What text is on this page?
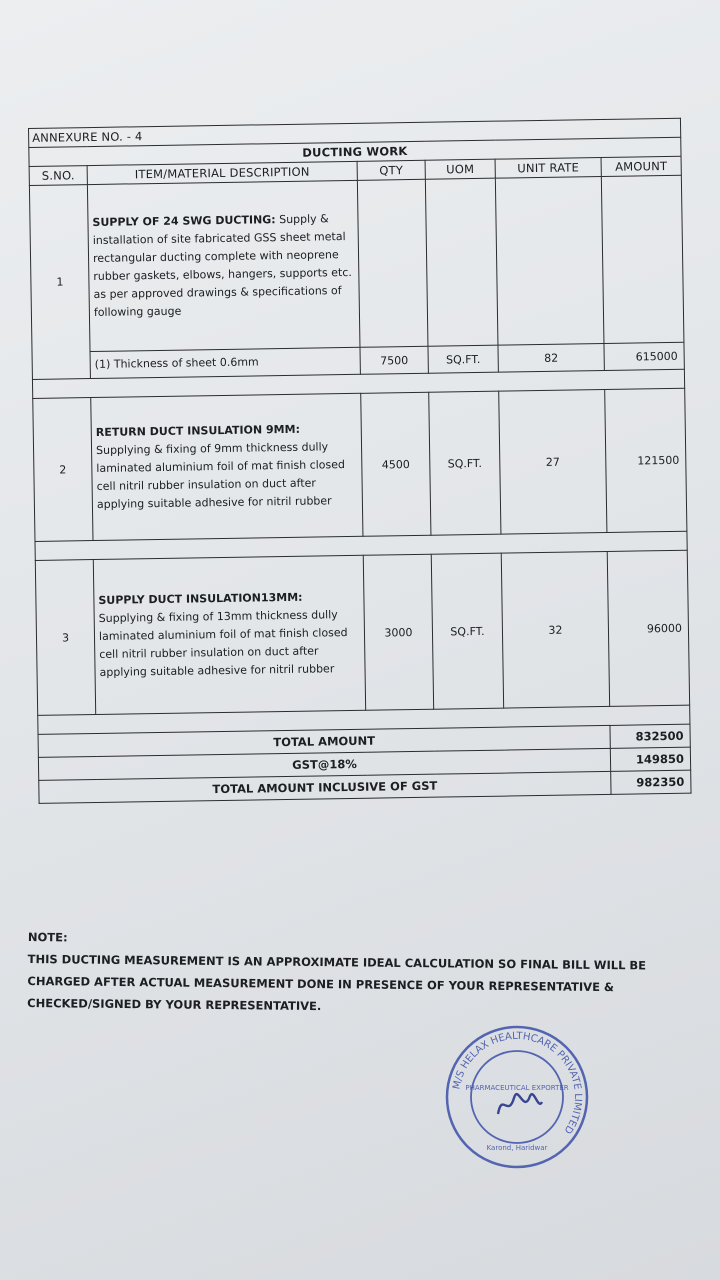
ANNEXURE NO. - 4					
DUCTING WORK					
S.NO.	ITEM/MATERIAL DESCRIPTION	QTY	UOM	UNIT RATE	AMOUNT
1	SUPPLY OF 24 SWG DUCTING: Supply & installation of site fabricated GSS sheet metal rectangular ducting complete with neoprene rubber gaskets, elbows, hangers, supports etc. as per approved drawings & specifications of following gauge				
	(1) Thickness of sheet 0.6mm	7500	SQ.FT.	82	615000

2	RETURN DUCT INSULATION 9MM: Supplying & fixing of 9mm thickness dully laminated aluminium foil of mat finish closed cell nitril rubber insulation on duct after applying suitable adhesive for nitril rubber	4500	SQ.FT.	27	121500

3	SUPPLY DUCT INSULATION13MM: Supplying & fixing of 13mm thickness dully laminated aluminium foil of mat finish closed cell nitril rubber insulation on duct after applying suitable adhesive for nitril rubber	3000	SQ.FT.	32	96000

TOTAL AMOUNT					832500
GST@18%					149850
TOTAL AMOUNT INCLUSIVE OF GST					982350
NOTE:
THIS DUCTING MEASUREMENT IS AN APPROXIMATE IDEAL CALCULATION SO FINAL BILL WILL BE CHARGED AFTER ACTUAL MEASUREMENT DONE IN PRESENCE OF YOUR REPRESENTATIVE & CHECKED/SIGNED BY YOUR REPRESENTATIVE.
M/S HELAX HEALTHCARE PRIVATE LIMITED
PHARMACEUTICAL EXPORTER
Karond, Haridwar
